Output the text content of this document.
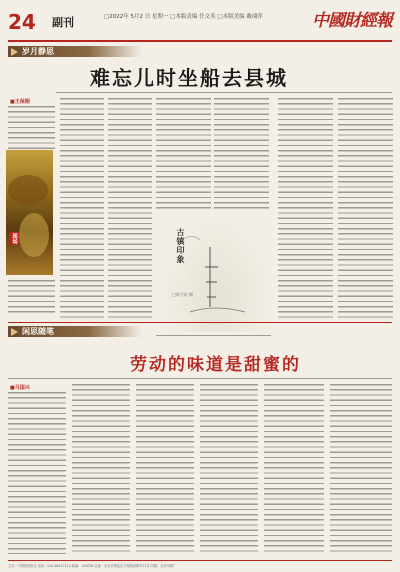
24 副刊	□2022年 5月2 日 星期一 □本版责编 任文英 □本版美编 戴翊萍	中國財經報
岁月静思
难忘儿时坐船去县城
■王保刚
现场	古镇印象
□周卫东 摄
闲思随笔
劳动的味道是甜蜜的
■马国兴
主办：中国财经报社 电话：010-88227114 邮编：100036 社址：北京市海淀区万寿路西街甲11号 印刷：北京印刷厂
